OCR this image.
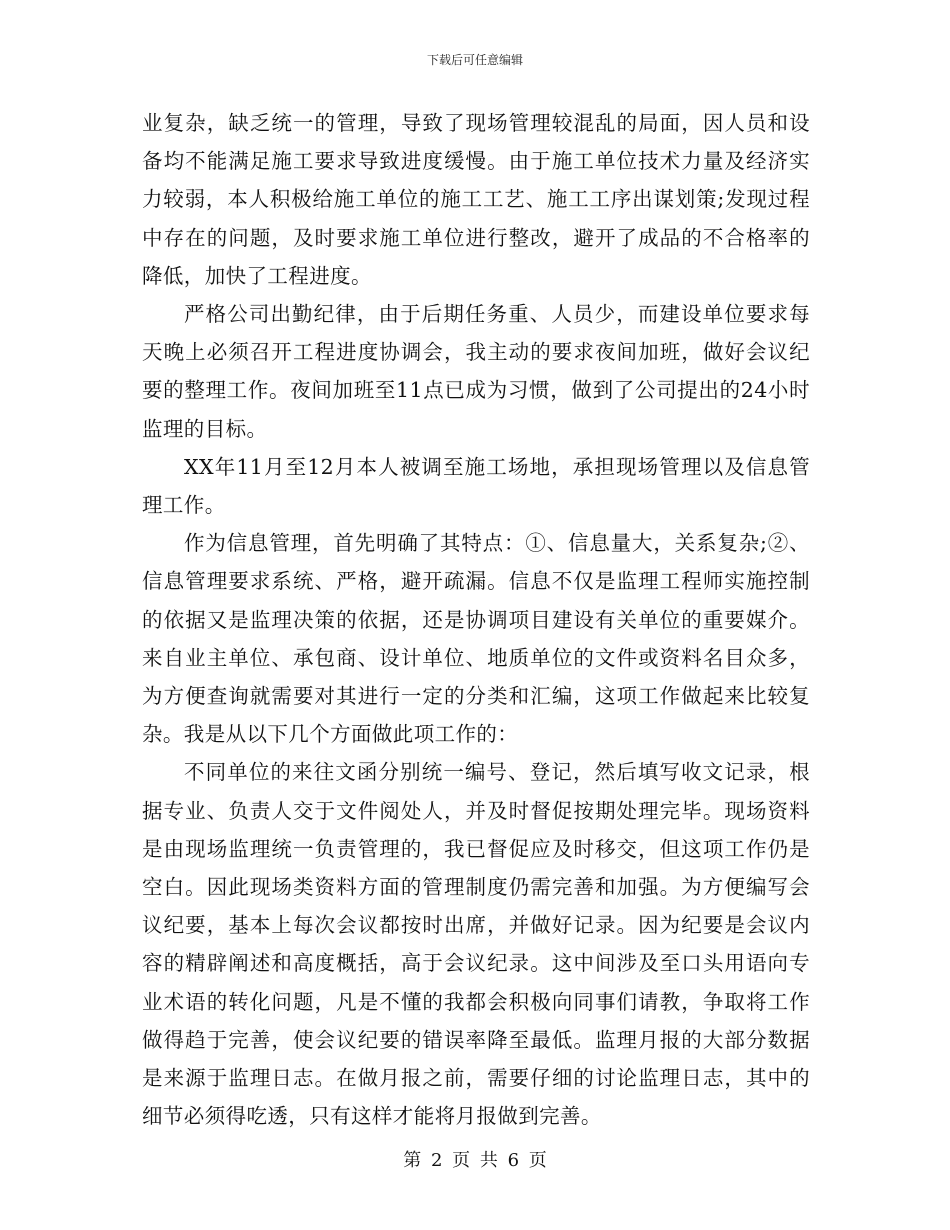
下载后可任意编辑

业复杂，缺乏统一的管理，导致了现场管理较混乱的局面，因人员和设备均不能满足施工要求导致进度缓慢。由于施工单位技术力量及经济实力较弱，本人积极给施工单位的施工工艺、施工工序出谋划策;发现过程中存在的问题，及时要求施工单位进行整改，避开了成品的不合格率的降低，加快了工程进度。

严格公司出勤纪律，由于后期任务重、人员少，而建设单位要求每天晚上必须召开工程进度协调会，我主动的要求夜间加班，做好会议纪要的整理工作。夜间加班至11点已成为习惯，做到了公司提出的24小时监理的目标。

XX年11月至12月本人被调至施工场地，承担现场管理以及信息管理工作。

作为信息管理，首先明确了其特点：①、信息量大，关系复杂;②、信息管理要求系统、严格，避开疏漏。信息不仅是监理工程师实施控制的依据又是监理决策的依据，还是协调项目建设有关单位的重要媒介。来自业主单位、承包商、设计单位、地质单位的文件或资料名目众多，为方便查询就需要对其进行一定的分类和汇编，这项工作做起来比较复杂。我是从以下几个方面做此项工作的：

不同单位的来往文函分别统一编号、登记，然后填写收文记录，根据专业、负责人交于文件阅处人，并及时督促按期处理完毕。现场资料是由现场监理统一负责管理的，我已督促应及时移交，但这项工作仍是空白。因此现场类资料方面的管理制度仍需完善和加强。为方便编写会议纪要，基本上每次会议都按时出席，并做好记录。因为纪要是会议内容的精辟阐述和高度概括，高于会议纪录。这中间涉及至口头用语向专业术语的转化问题，凡是不懂的我都会积极向同事们请教，争取将工作做得趋于完善，使会议纪要的错误率降至最低。监理月报的大部分数据是来源于监理日志。在做月报之前，需要仔细的讨论监理日志，其中的细节必须得吃透，只有这样才能将月报做到完善。

第 2 页 共 6 页
